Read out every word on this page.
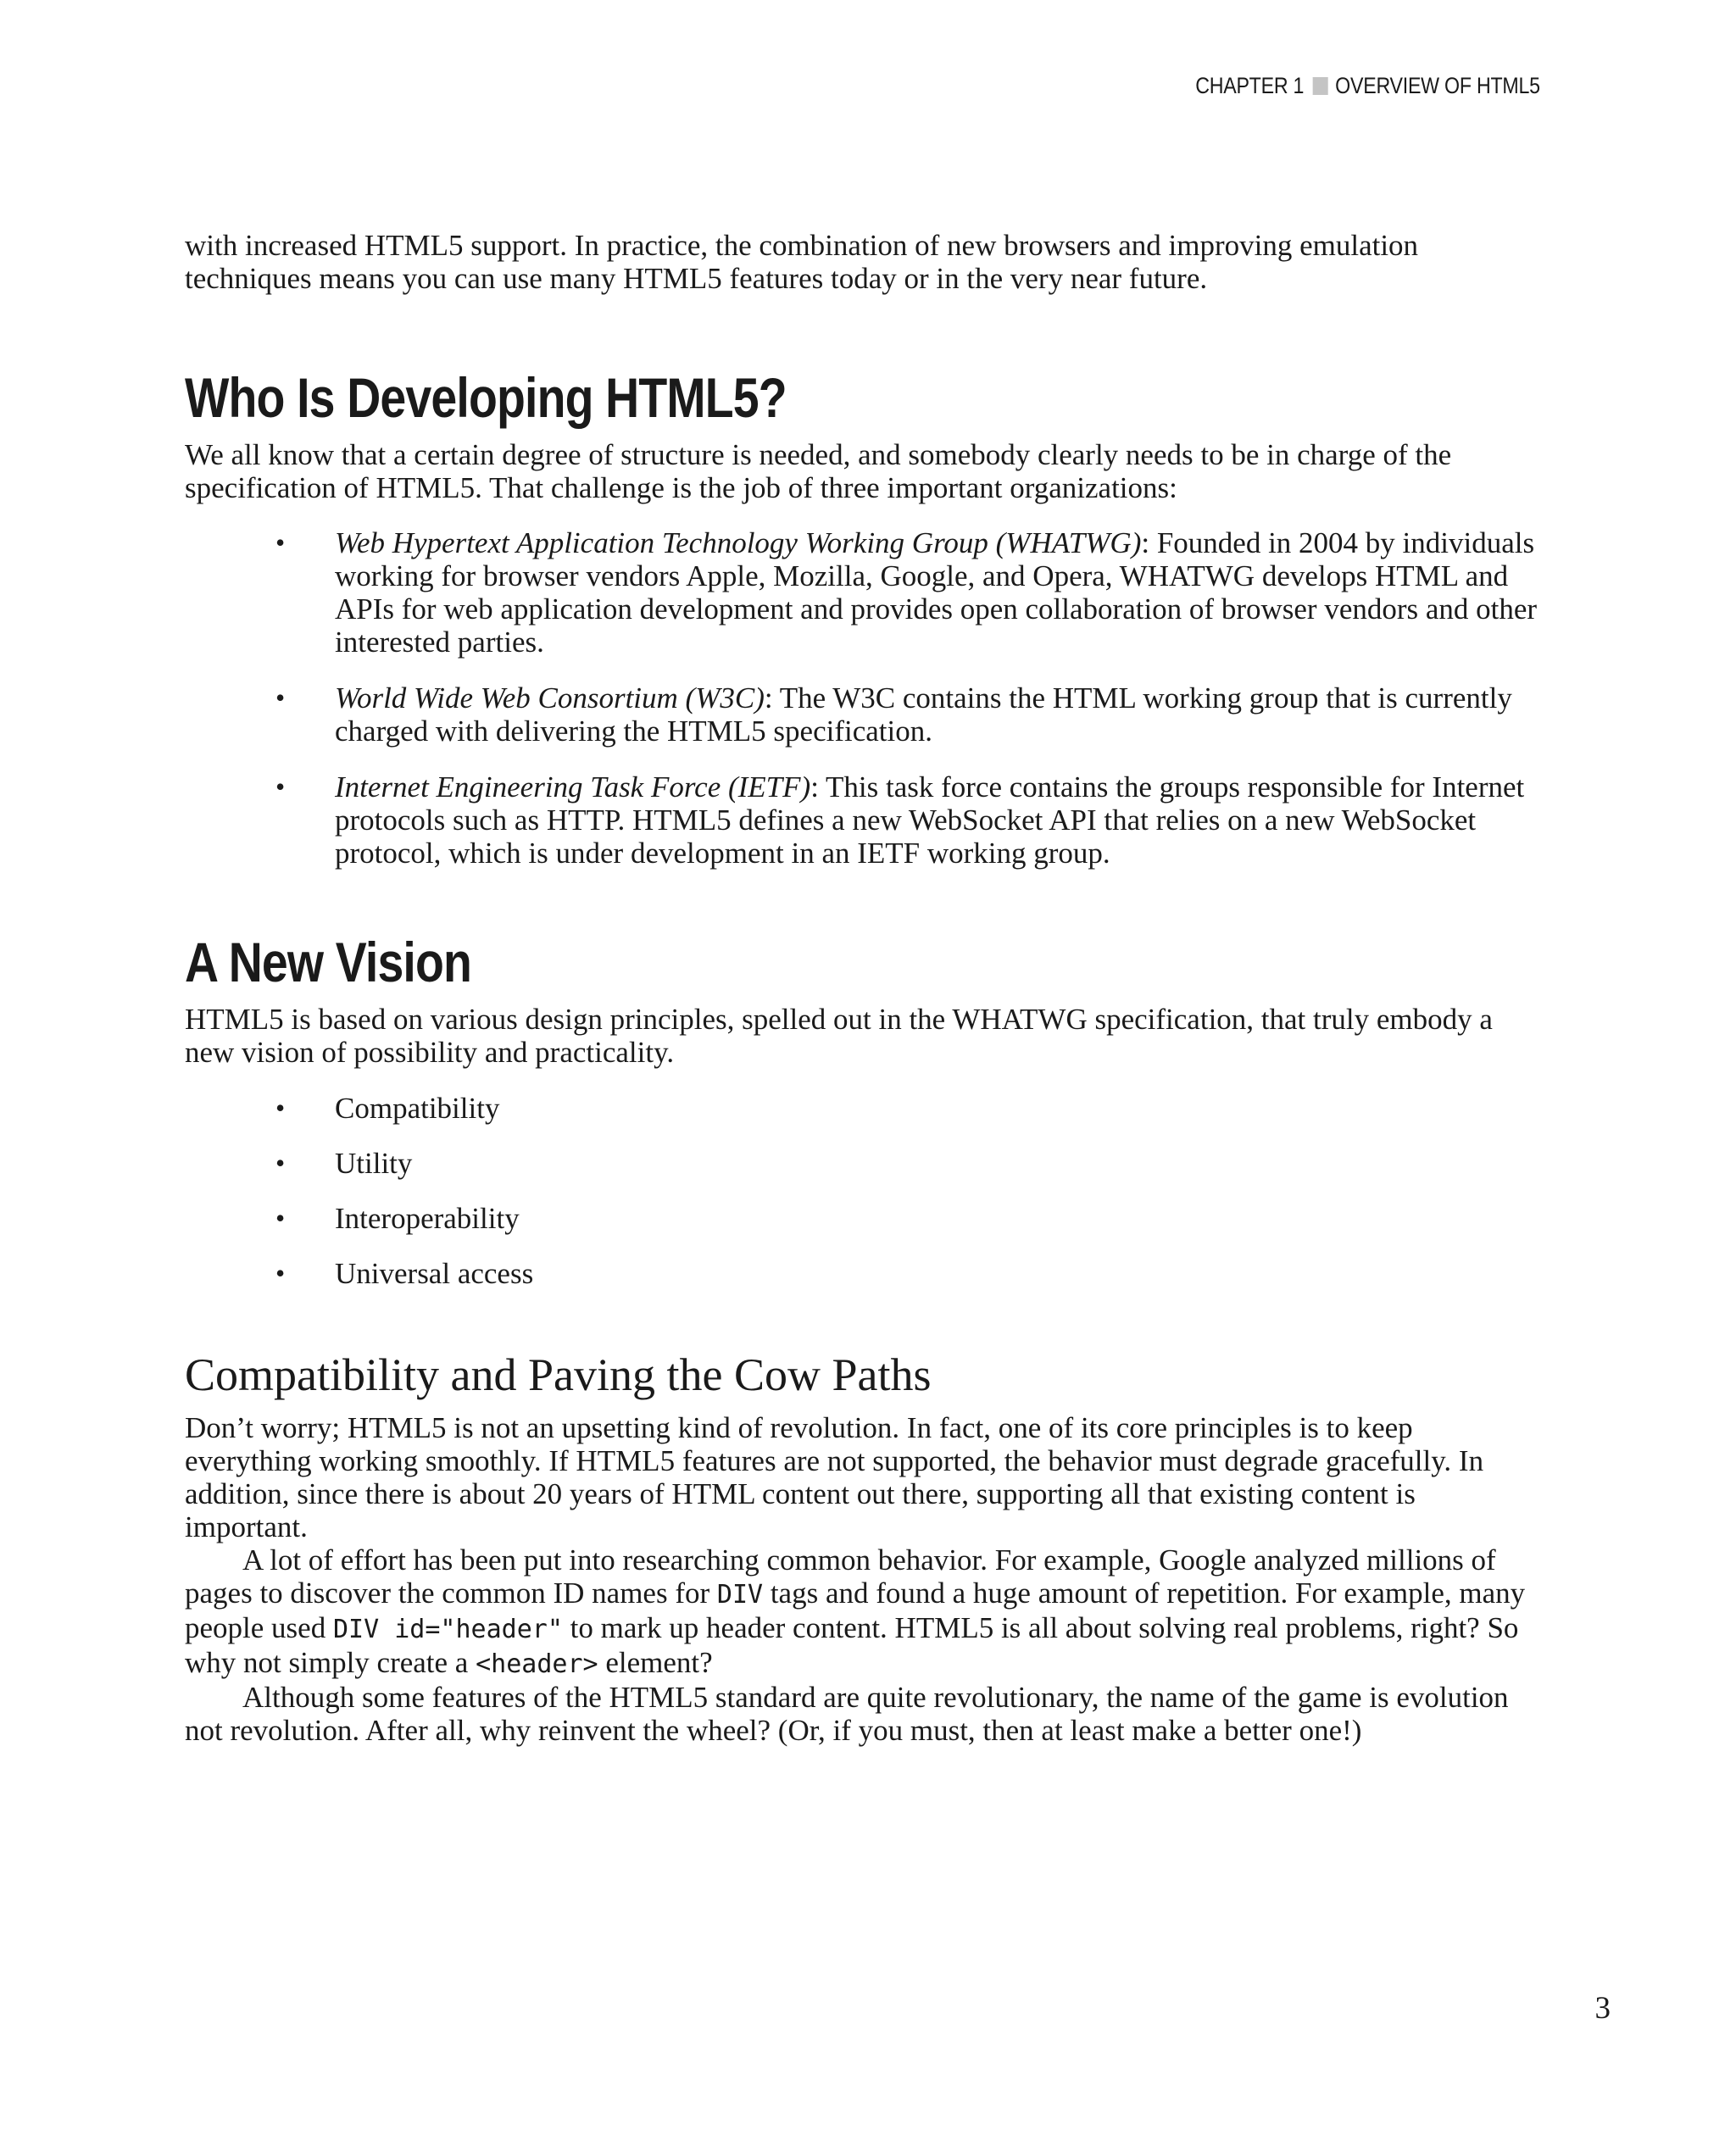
CHAPTER 1 OVERVIEW OF HTML5

with increased HTML5 support. In practice, the combination of new browsers and improving emulation techniques means you can use many HTML5 features today or in the very near future.

Who Is Developing HTML5?

We all know that a certain degree of structure is needed, and somebody clearly needs to be in charge of the specification of HTML5. That challenge is the job of three important organizations:

• Web Hypertext Application Technology Working Group (WHATWG): Founded in 2004 by individuals working for browser vendors Apple, Mozilla, Google, and Opera, WHATWG develops HTML and APIs for web application development and provides open collaboration of browser vendors and other interested parties.
• World Wide Web Consortium (W3C): The W3C contains the HTML working group that is currently charged with delivering the HTML5 specification.
• Internet Engineering Task Force (IETF): This task force contains the groups responsible for Internet protocols such as HTTP. HTML5 defines a new WebSocket API that relies on a new WebSocket protocol, which is under development in an IETF working group.
A New Vision

HTML5 is based on various design principles, spelled out in the WHATWG specification, that truly embody a new vision of possibility and practicality.

• Compatibility
• Utility
• Interoperability
• Universal access
Compatibility and Paving the Cow Paths

Don’t worry; HTML5 is not an upsetting kind of revolution. In fact, one of its core principles is to keep everything working smoothly. If HTML5 features are not supported, the behavior must degrade gracefully. In addition, since there is about 20 years of HTML content out there, supporting all that existing content is important.

A lot of effort has been put into researching common behavior. For example, Google analyzed millions of pages to discover the common ID names for DIV tags and found a huge amount of repetition. For example, many people used DIV id="header" to mark up header content. HTML5 is all about solving real problems, right? So why not simply create a <header> element?

Although some features of the HTML5 standard are quite revolutionary, the name of the game is evolution not revolution. After all, why reinvent the wheel? (Or, if you must, then at least make a better one!)

3
